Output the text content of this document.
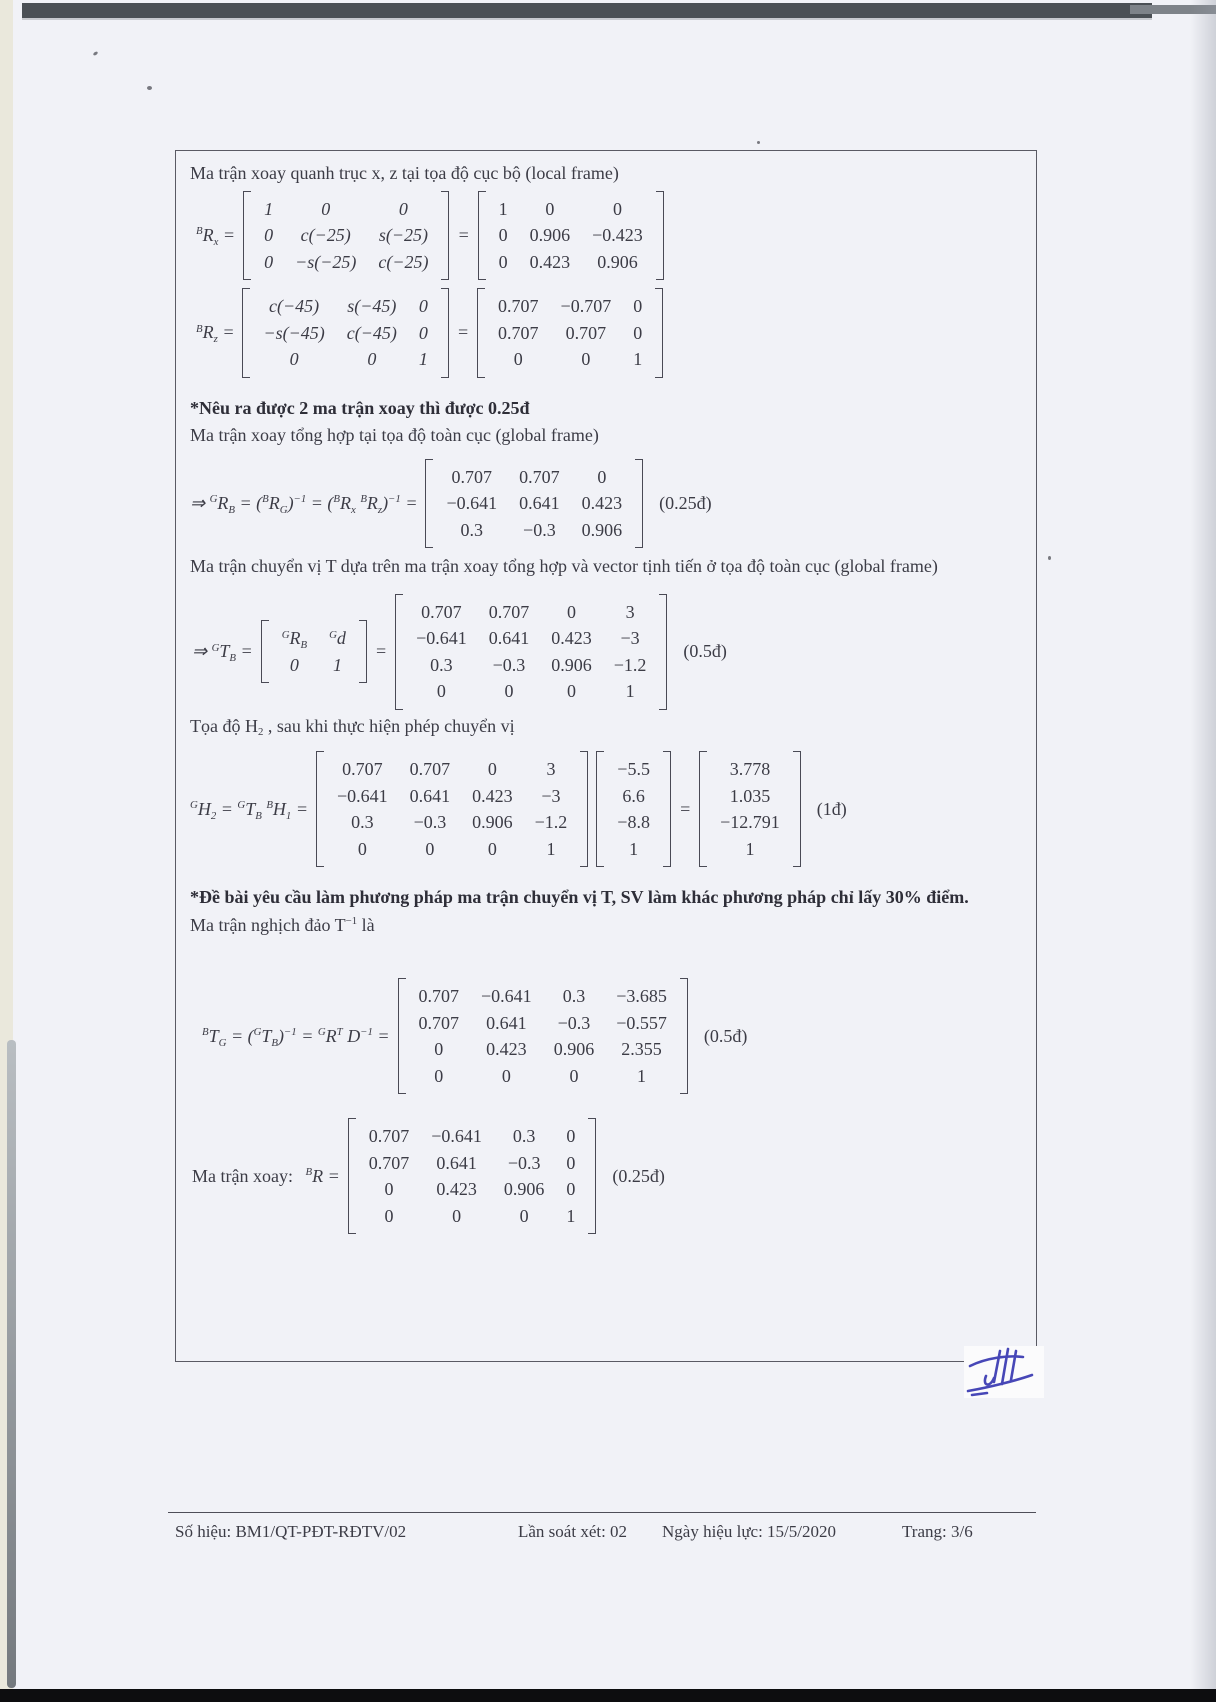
Ma trận xoay quanh trục x, z tại tọa độ cục bộ (local frame)
$^BR_x$ =
1	0	0
0	c(−25)	s(−25)
0	−s(−25)	c(−25)
=
1	0	0
0	0.906	−0.423
0	0.423	0.906
$^BR_z$ =
c(−45)	s(−45)	0
−s(−45)	c(−45)	0
0	0	1
=
0.707	−0.707	0
0.707	0.707	0
0	0	1
*Nêu ra được 2 ma trận xoay thì được 0.25đ
Ma trận xoay tổng hợp tại tọa độ toàn cục (global frame)
⇒ $^GR_B = (^BR_G)^{-1} = (^BR_x$ $^BR_z)^{-1}$ =
0.707	0.707	0
−0.641	0.641	0.423
0.3	−0.3	0.906
(0.25đ)
Ma trận chuyển vị T dựa trên ma trận xoay tổng hợp và vector tịnh tiến ở tọa độ toàn cục (global frame)
⇒ $^GT_B$ =
$^GR_B$	$^G$d
0	1
=
0.707	0.707	0	3
−0.641	0.641	0.423	−3
0.3	−0.3	0.906	−1.2
0	0	0	1
(0.5đ)
Tọa độ $H_2$ , sau khi thực hiện phép chuyển vị
$^GH_2 = ^GT_B$ $^BH_1$ =
0.707	0.707	0	3
−0.641	0.641	0.423	−3
0.3	−0.3	0.906	−1.2
0	0	0	1
−5.5
6.6
−8.8
1
=
3.778
1.035
−12.791
1
(1đ)
*Đề bài yêu cầu làm phương pháp ma trận chuyển vị T, SV làm khác phương pháp chỉ lấy 30% điểm.
Ma trận nghịch đảo $T^{-1}$ là
$^BT_G = (^GT_B)^{-1} = ^GR^T$ $D^{-1}$ =
0.707	−0.641	0.3	−3.685
0.707	0.641	−0.3	−0.557
0	0.423	0.906	2.355
0	0	0	1
(0.5đ)
Ma trận xoay: $^B$R =
0.707	−0.641	0.3	0
0.707	0.641	−0.3	0
0	0.423	0.906	0
0	0	0	1
(0.25đ)
Số hiệu: BM1/QT-PĐT-RĐTV/02	Lần soát xét: 02 Ngày hiệu lực: 15/5/2020	Trang: 3/6
